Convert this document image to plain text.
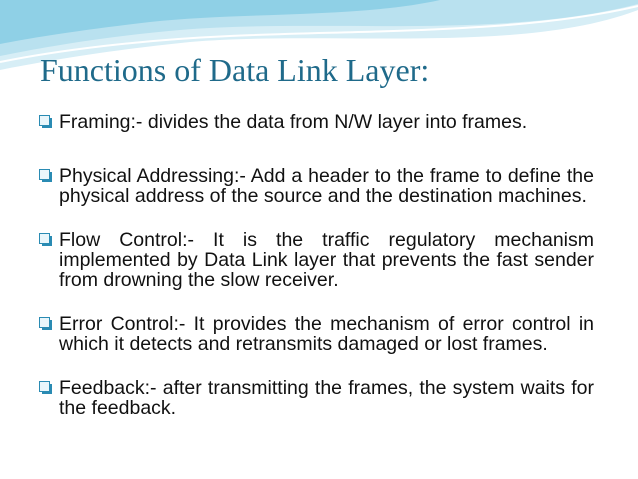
Functions of Data Link Layer:
Framing:- divides the data from N/W layer into frames.
Physical Addressing:- Add a header to the frame to define the physical address of the source and the destination machines.
Flow Control:- It is the traffic regulatory mechanism implemented by Data Link layer that prevents the fast sender from drowning the slow receiver.
Error Control:- It provides the mechanism of error control in which it detects and retransmits damaged or lost frames.
Feedback:- after transmitting the frames, the system waits for the feedback.
